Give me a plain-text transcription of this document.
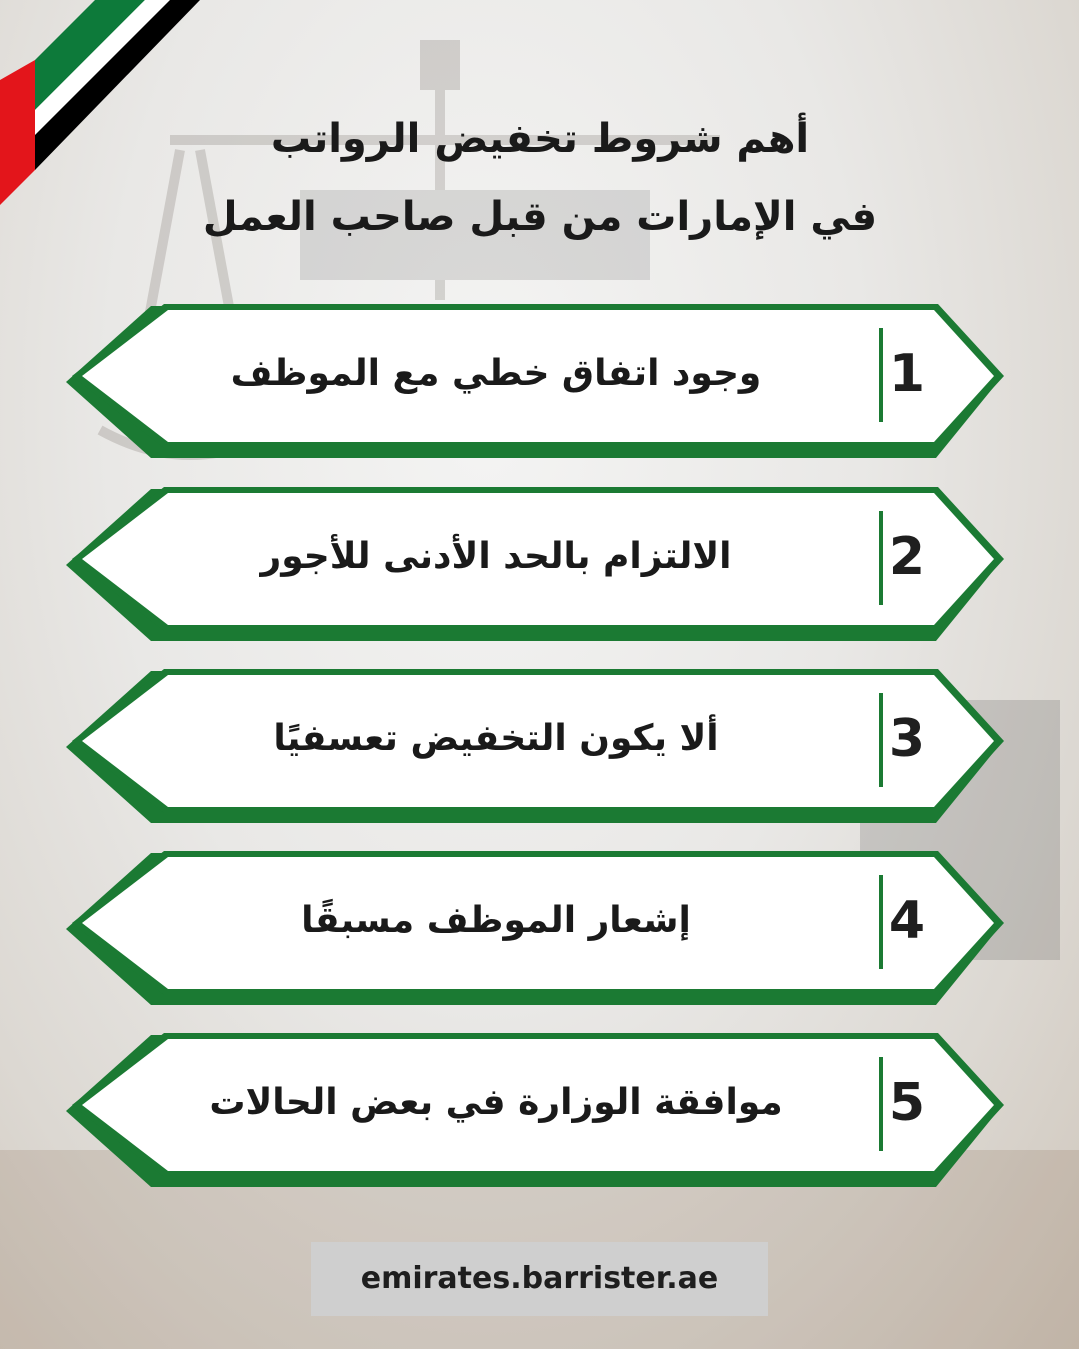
أهم شروط تخفيض الرواتب
في الإمارات من قبل صاحب العمل
1
وجود اتفاق خطي مع الموظف
2
الالتزام بالحد الأدنى للأجور
3
ألا يكون التخفيض تعسفيًا
4
إشعار الموظف مسبقًا
5
موافقة الوزارة في بعض الحالات
emirates.barrister.ae
